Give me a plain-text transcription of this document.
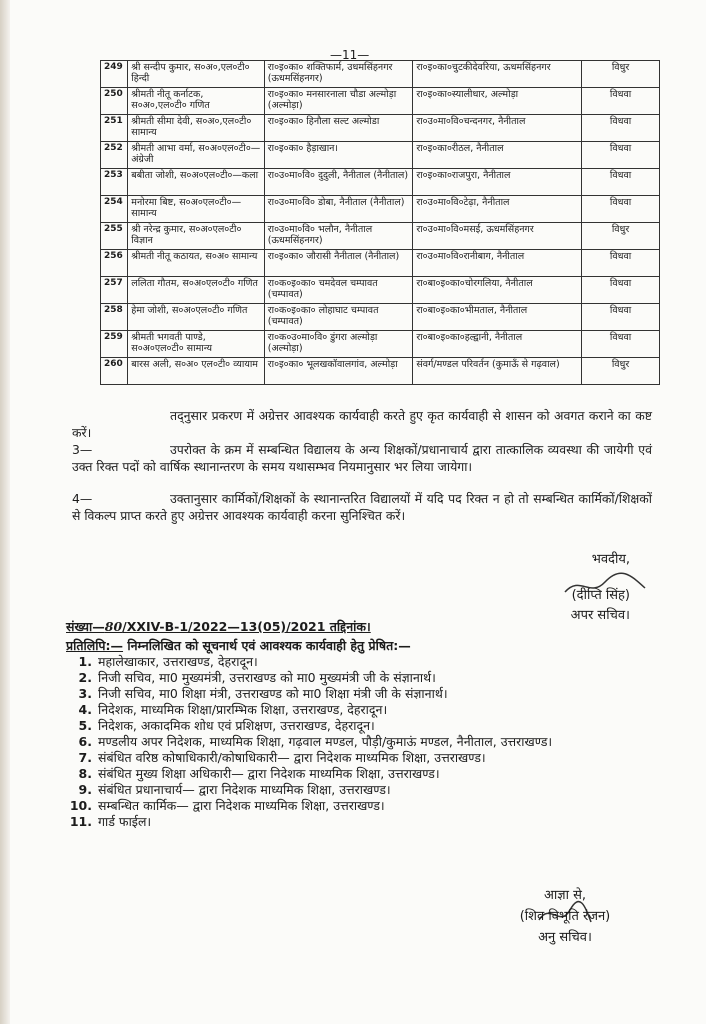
—11—
249	श्री सन्दीप कुमार, स०अ०,एल०टी० हिन्दी	रा०इ०का० शक्तिफार्म, उधमसिंहनगर (ऊधमसिंहनगर)	रा०इ०का०चुटकीदेवरिया, ऊधमसिंहनगर	विधुर
250	श्रीमती नीतू कर्नाटक, स०अ०,एल०टी० गणित	रा०इ०का० मनसारनाला चौडा अल्मोड़ा (अल्मोड़ा)	रा०इ०का०स्यालीधार, अल्मोड़ा	विधवा
251	श्रीमती सीमा देवी, स०अ०,एल०टी० सामान्य	रा०इ०का० हिनौला सल्ट अल्मोडा	रा०उ०मा०वि०चन्दनगर, नैनीताल	विधवा
252	श्रीमती आभा वर्मा, स०अ०एल०टी०— अंग्रेजी	रा०इ०का० हैड़ाखान।	रा०इ०का०रीठल, नैनीताल	विधवा
253	बबीता जोशी, स०अ०एल०टी०—कला	रा०उ०मा०वि० दुदुली, नैनीताल (नैनीताल)	रा०इ०का०राजपुरा, नैनीताल	विधवा
254	मनोरमा बिष्ट, स०अ०एल०टी०— सामान्य	रा०उ०मा०वि० डोबा, नैनीताल (नैनीताल)	रा०उ०मा०वि०टेढ़ा, नैनीताल	विधवा
255	श्री नरेन्द्र कुमार, स०अ०एल०टी० विज्ञान	रा०उ०मा०वि० भलौन, नैनीताल (ऊधमसिंहनगर)	रा०उ०मा०वि०मसई, ऊधमसिंहनगर	विधुर
256	श्रीमती नीतू कठायत, स०अ० सामान्य	रा०इ०का० जौरासी नैनीताल (नैनीताल)	रा०उ०मा०वि०रानीबाग, नैनीताल	विधवा
257	ललिता गौतम, स०अ०एल०टी० गणित	रा०क०इ०का० चमदेवल चम्पावत (चम्पावत)	रा०बा०इ०का०चोरगलिया, नैनीताल	विधवा
258	हेमा जोशी, स०अ०एल०टी० गणित	रा०क०इ०का० लोहाघाट चम्पावत (चम्पावत)	रा०बा०इ०का०भीमताल, नैनीताल	विधवा
259	श्रीमती भगवती पाण्डे, स०अ०एल०टी० सामान्य	रा०क०उ०मा०वि० डुंगरा अल्मोड़ा (अल्मोड़ा)	रा०बा०इ०का०हल्द्वानी, नैनीताल	विधवा
260	बारस अली, स०अ० एल०टी० व्यायाम	रा०इ०का० भूलखकॉवालगांव, अल्मोड़ा	संवर्ग/मण्डल परिवर्तन (कुमाऊँ से गढ़वाल)	विधुर
तद्नुसार प्रकरण में अग्रेत्तर आवश्यक कार्यवाही करते हुए कृत कार्यवाही से शासन को अवगत कराने का कष्ट करें।
3—	उपरोक्त के क्रम में सम्बन्धित विद्यालय के अन्य शिक्षकों/प्रधानाचार्य द्वारा तात्कालिक व्यवस्था की जायेगी एवं उक्त रिक्त पदों को वार्षिक स्थानान्तरण के समय यथासम्भव नियमानुसार भर लिया जायेगा।
4—	उक्तानुसार कार्मिकों/शिक्षकों के स्थानान्तरित विद्यालयों में यदि पद रिक्त न हो तो सम्बन्धित कार्मिकों/शिक्षकों से विकल्प प्राप्त करते हुए अग्रेत्तर आवश्यक कार्यवाही करना सुनिश्चित करें।
भवदीय,
(दीप्ति सिंह)
अपर सचिव।
संख्या—80/XXIV-B-1/2022—13(05)/2021 तद्दिनांक।
प्रतिलिपि:— निम्नलिखित को सूचनार्थ एवं आवश्यक कार्यवाही हेतु प्रेषित:—
1. महालेखाकार, उत्तराखण्ड, देहरादून।
2. निजी सचिव, मा0 मुख्यमंत्री, उत्तराखण्ड को मा0 मुख्यमंत्री जी के संज्ञानार्थ।
3. निजी सचिव, मा0 शिक्षा मंत्री, उत्तराखण्ड को मा0 शिक्षा मंत्री जी के संज्ञानार्थ।
4. निदेशक, माध्यमिक शिक्षा/प्रारम्भिक शिक्षा, उत्तराखण्ड, देहरादून।
5. निदेशक, अकादमिक शोध एवं प्रशिक्षण, उत्तराखण्ड, देहरादून।
6. मण्डलीय अपर निदेशक, माध्यमिक शिक्षा, गढ़वाल मण्डल, पौड़ी/कुमाऊं मण्डल, नैनीताल, उत्तराखण्ड।
7. संबंधित वरिष्ठ कोषाधिकारी/कोषाधिकारी— द्वारा निदेशक माध्यमिक शिक्षा, उत्तराखण्ड।
8. संबंधित मुख्य शिक्षा अधिकारी— द्वारा निदेशक माध्यमिक शिक्षा, उत्तराखण्ड।
9. संबंधित प्रधानाचार्य— द्वारा निदेशक माध्यमिक शिक्षा, उत्तराखण्ड।
10. सम्बन्धित कार्मिक— द्वारा निदेशक माध्यमिक शिक्षा, उत्तराखण्ड।
11. गार्ड फाईल।
आज्ञा से,
(शिव विभूति रंजन)
अनु सचिव।
